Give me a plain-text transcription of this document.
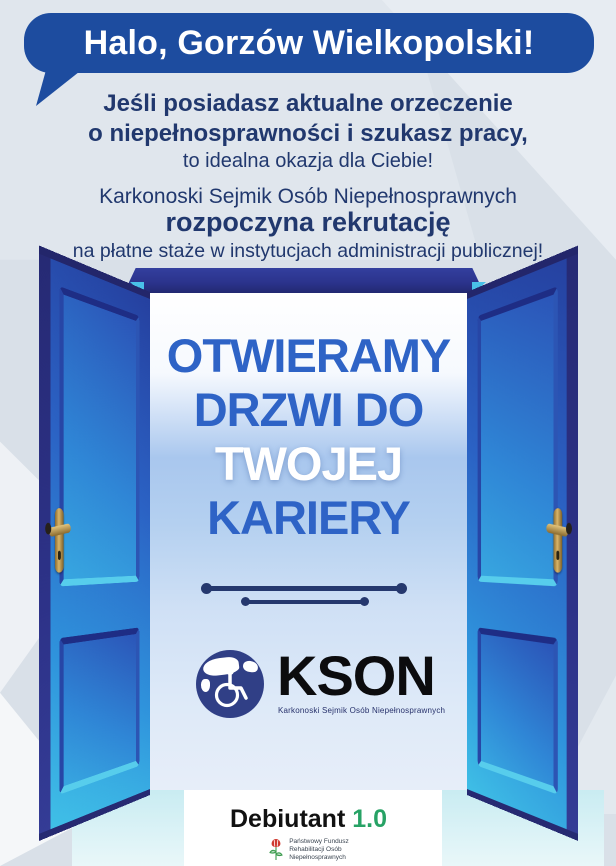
Halo, Gorzów Wielkopolski!
Jeśli posiadasz aktualne orzeczenie
o niepełnosprawności i szukasz pracy,
to idealna okazja dla Ciebie!
Karkonoski Sejmik Osób Niepełnosprawnych
rozpoczyna rekrutację
na płatne staże w instytucjach administracji publicznej!
OTWIERAMY
DRZWI DO
TWOJEJ
KARIERY
KSON
Karkonoski Sejmik Osób Niepełnosprawnych
Debiutant 1.0
Państwowy Fundusz
Rehabilitacji Osób
Niepełnosprawnych
